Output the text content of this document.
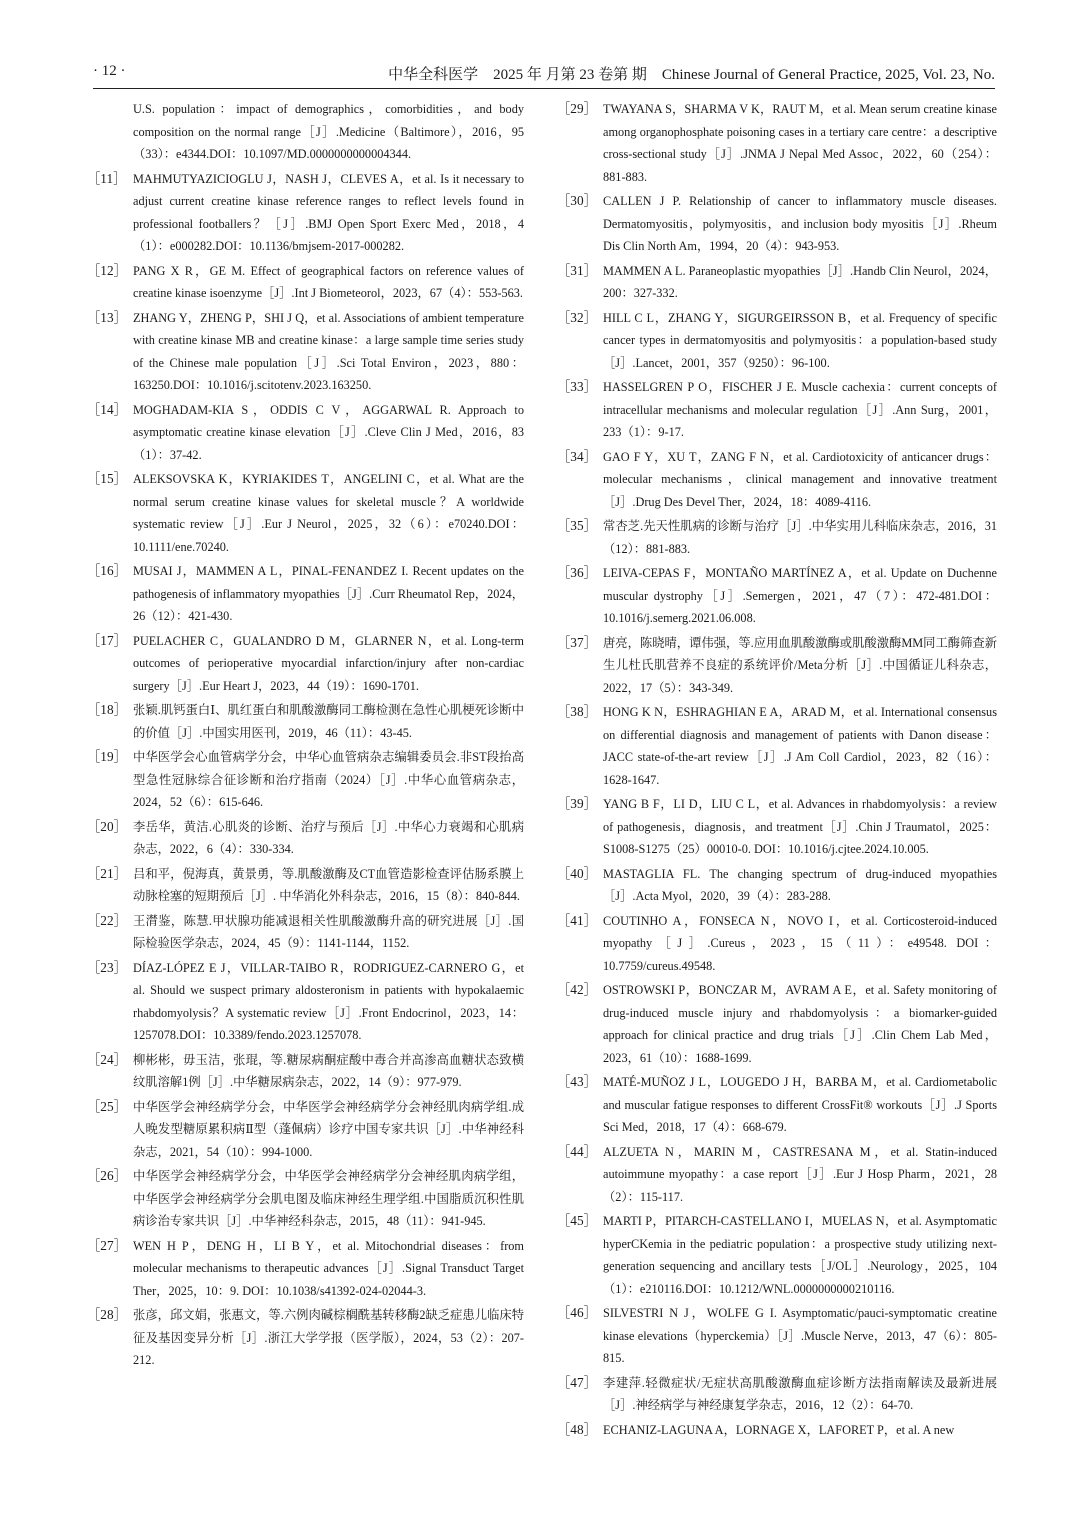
· 12 ·	中华全科医学　2025 年 月第 23 卷第 期　Chinese Journal of General Practice, 2025, Vol. 23, No.
U.S. population：impact of demographics，comorbidities，and body composition on the normal range［J］.Medicine（Baltimore），2016，95（33）：e4344.DOI：10.1097/MD.0000000000004344.
［11］ MAHMUTYAZICIOGLU J，NASH J，CLEVES A，et al. Is it necessary to adjust current creatine kinase reference ranges to reflect levels found in professional footballers？［J］.BMJ Open Sport Exerc Med，2018，4（1）：e000282.DOI：10.1136/bmjsem-2017-000282.
［12］ PANG X R，GE M. Effect of geographical factors on reference values of creatine kinase isoenzyme［J］.Int J Biometeorol，2023，67（4）：553-563.
［13］ ZHANG Y，ZHENG P，SHI J Q，et al. Associations of ambient temperature with creatine kinase MB and creatine kinase：a large sample time series study of the Chinese male population［J］.Sci Total Environ，2023，880：163250.DOI：10.1016/j.scitotenv.2023.163250.
［14］ MOGHADAM-KIA S，ODDIS C V，AGGARWAL R. Approach to asymptomatic creatine kinase elevation［J］.Cleve Clin J Med，2016，83（1）：37-42.
［15］ ALEKSOVSKA K，KYRIAKIDES T，ANGELINI C，et al. What are the normal serum creatine kinase values for skeletal muscle？A worldwide systematic review［J］.Eur J Neurol，2025，32（6）：e70240.DOI：10.1111/ene.70240.
［16］ MUSAI J，MAMMEN A L，PINAL-FENANDEZ I. Recent updates on the pathogenesis of inflammatory myopathies［J］.Curr Rheumatol Rep，2024，26（12）：421-430.
［17］ PUELACHER C，GUALANDRO D M，GLARNER N，et al. Long-term outcomes of perioperative myocardial infarction/injury after non-cardiac surgery［J］.Eur Heart J，2023，44（19）：1690-1701.
［18］ 张颖.肌钙蛋白Ⅰ、肌红蛋白和肌酸激酶同工酶检测在急性心肌梗死诊断中的价值［J］.中国实用医刊，2019，46（11）：43-45.
［19］ 中华医学会心血管病学分会，中华心血管病杂志编辑委员会.非ST段抬高型急性冠脉综合征诊断和治疗指南（2024）［J］.中华心血管病杂志，2024，52（6）：615-646.
［20］ 李岳华，黄洁.心肌炎的诊断、治疗与预后［J］.中华心力衰竭和心肌病杂志，2022，6（4）：330-334.
［21］ 吕和平，倪海真，黄景勇，等.肌酸激酶及CT血管造影检查评估肠系膜上动脉栓塞的短期预后［J］. 中华消化外科杂志，2016，15（8）：840-844.
［22］ 王潸鉴，陈慧.甲状腺功能减退相关性肌酸激酶升高的研究进展［J］.国际检验医学杂志，2024，45（9）：1141-1144，1152.
［23］ DÍAZ-LÓPEZ E J，VILLAR-TAIBO R，RODRIGUEZ-CARNERO G，et al. Should we suspect primary aldosteronism in patients with hypokalaemic rhabdomyolysis？A systematic review［J］.Front Endocrinol，2023，14：1257078.DOI：10.3389/fendo.2023.1257078.
［24］ 柳彬彬，毋玉洁，张琨，等.糖尿病酮症酸中毒合并高渗高血糖状态致横纹肌溶解1例［J］.中华糖尿病杂志，2022，14（9）：977-979.
［25］ 中华医学会神经病学分会，中华医学会神经病学分会神经肌肉病学组.成人晚发型糖原累积病Ⅱ型（蓬佩病）诊疗中国专家共识［J］.中华神经科杂志，2021，54（10）：994-1000.
［26］ 中华医学会神经病学分会，中华医学会神经病学分会神经肌肉病学组，中华医学会神经病学分会肌电图及临床神经生理学组.中国脂质沉积性肌病诊治专家共识［J］.中华神经科杂志，2015，48（11）：941-945.
［27］ WEN H P，DENG H，LI B Y，et al. Mitochondrial diseases：from molecular mechanisms to therapeutic advances［J］.Signal Transduct Target Ther，2025，10：9. DOI：10.1038/s41392-024-02044-3.
［28］ 张彦，邱文娟，张惠文，等.六例肉碱棕榈酰基转移酶2缺乏症患儿临床特征及基因变异分析［J］.浙江大学学报（医学版），2024，53（2）：207-212.
［29］ TWAYANA S，SHARMA V K，RAUT M，et al. Mean serum creatine kinase among organophosphate poisoning cases in a tertiary care centre：a descriptive cross-sectional study［J］.JNMA J Nepal Med Assoc，2022，60（254）：881-883.
［30］ CALLEN J P. Relationship of cancer to inflammatory muscle diseases. Dermatomyositis，polymyositis，and inclusion body myositis［J］.Rheum Dis Clin North Am，1994，20（4）：943-953.
［31］ MAMMEN A L. Paraneoplastic myopathies［J］.Handb Clin Neurol，2024，200：327-332.
［32］ HILL C L，ZHANG Y，SIGURGEIRSSON B，et al. Frequency of specific cancer types in dermatomyositis and polymyositis：a population-based study［J］.Lancet，2001，357（9250）：96-100.
［33］ HASSELGREN P O，FISCHER J E. Muscle cachexia：current concepts of intracellular mechanisms and molecular regulation［J］.Ann Surg，2001，233（1）：9-17.
［34］ GAO F Y，XU T，ZANG F N，et al. Cardiotoxicity of anticancer drugs：molecular mechanisms，clinical management and innovative treatment［J］.Drug Des Devel Ther，2024，18：4089-4116.
［35］ 常杏芝.先天性肌病的诊断与治疗［J］.中华实用儿科临床杂志，2016，31（12）：881-883.
［36］ LEIVA-CEPAS F，MONTAÑO MARTÍNEZ A，et al. Update on Duchenne muscular dystrophy［J］.Semergen，2021，47（7）：472-481.DOI：10.1016/j.semerg.2021.06.008.
［37］ 唐亮，陈晓晴，谭伟强，等.应用血肌酸激酶或肌酸激酶MM同工酶筛查新生儿杜氏肌营养不良症的系统评价/Meta分析［J］.中国循证儿科杂志，2022，17（5）：343-349.
［38］ HONG K N，ESHRAGHIAN E A，ARAD M，et al. International consensus on differential diagnosis and management of patients with Danon disease：JACC state-of-the-art review［J］.J Am Coll Cardiol，2023，82（16）：1628-1647.
［39］ YANG B F，LI D，LIU C L，et al. Advances in rhabdomyolysis：a review of pathogenesis，diagnosis，and treatment［J］.Chin J Traumatol，2025：S1008-S1275（25）00010-0. DOI：10.1016/j.cjtee.2024.10.005.
［40］ MASTAGLIA FL. The changing spectrum of drug-induced myopathies［J］.Acta Myol，2020，39（4）：283-288.
［41］ COUTINHO A，FONSECA N，NOVO I，et al. Corticosteroid-induced myopathy［J］.Cureus，2023，15（11）：e49548. DOI：10.7759/cureus.49548.
［42］ OSTROWSKI P，BONCZAR M，AVRAM A E，et al. Safety monitoring of drug-induced muscle injury and rhabdomyolysis：a biomarker-guided approach for clinical practice and drug trials［J］.Clin Chem Lab Med，2023，61（10）：1688-1699.
［43］ MATÉ-MUÑOZ J L，LOUGEDO J H，BARBA M，et al. Cardiometabolic and muscular fatigue responses to different CrossFit® workouts［J］.J Sports Sci Med，2018，17（4）：668-679.
［44］ ALZUETA N，MARIN M，CASTRESANA M，et al. Statin-induced autoimmune myopathy：a case report［J］.Eur J Hosp Pharm，2021，28（2）：115-117.
［45］ MARTI P，PITARCH-CASTELLANO I，MUELAS N，et al. Asymptomatic hyperCKemia in the pediatric population：a prospective study utilizing next-generation sequencing and ancillary tests［J/OL］.Neurology，2025，104（1）：e210116.DOI：10.1212/WNL.0000000000210116.
［46］ SILVESTRI N J，WOLFE G I. Asymptomatic/pauci-symptomatic creatine kinase elevations（hyperckemia）［J］.Muscle Nerve，2013，47（6）：805-815.
［47］ 李建萍.轻微症状/无症状高肌酸激酶血症诊断方法指南解读及最新进展［J］.神经病学与神经康复学杂志，2016，12（2）：64-70.
［48］ ECHANIZ-LAGUNA A，LORNAGE X，LAFORET P，et al. A new
